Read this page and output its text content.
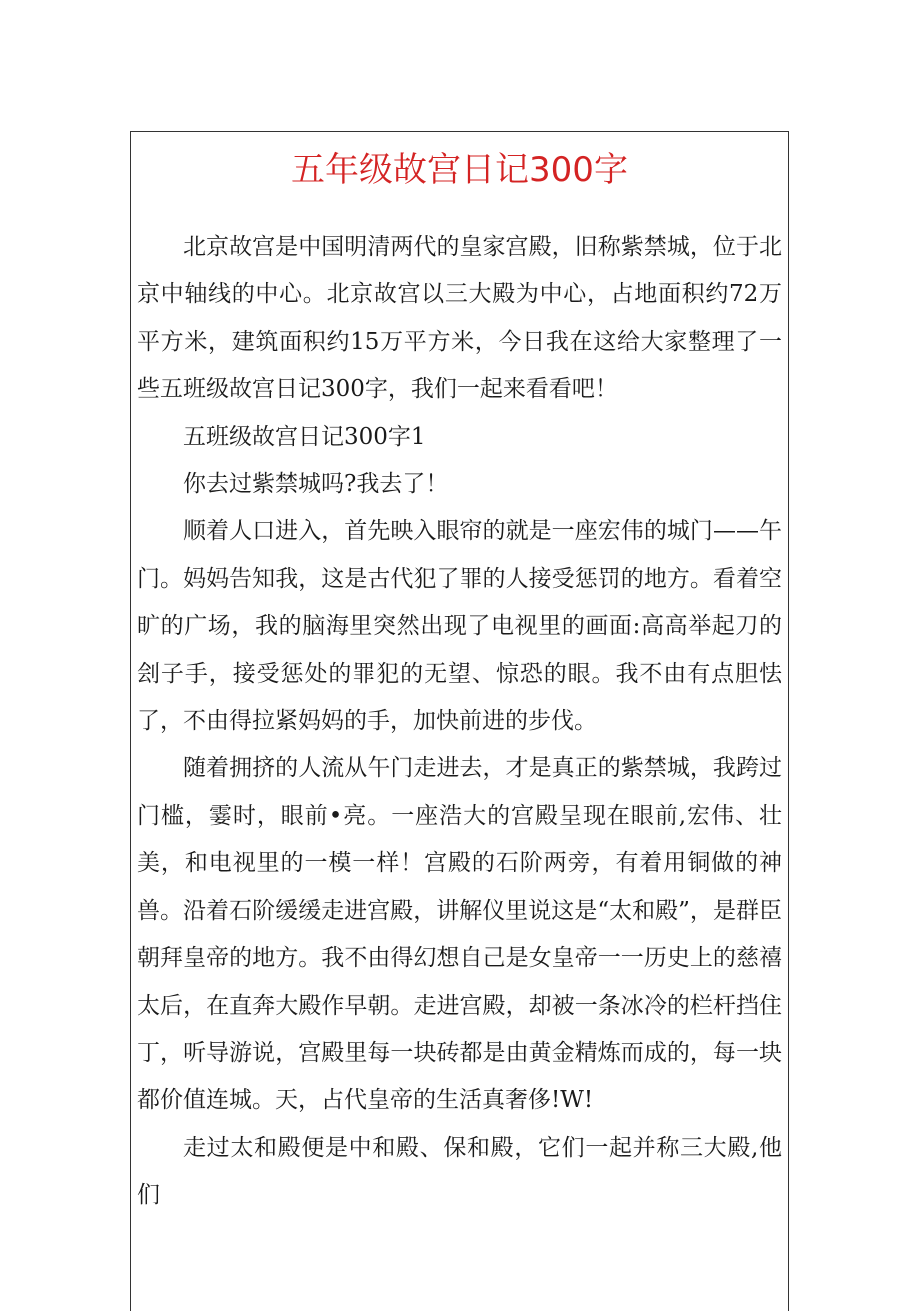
五年级故宫日记300字

北京故宫是中国明清两代的皇家宫殿，旧称紫禁城，位于北京中轴线的中心。北京故宫以三大殿为中心，占地面积约72万平方米，建筑面积约15万平方米，今日我在这给大家整理了一些五班级故宫日记300字，我们一起来看看吧！

五班级故宫日记300字1

你去过紫禁城吗?我去了！

顺着人口进入，首先映入眼帘的就是一座宏伟的城门——午门。妈妈告知我，这是古代犯了罪的人接受惩罚的地方。看着空旷的广场，我的脑海里突然出现了电视里的画面:高高举起刀的刽子手，接受惩处的罪犯的无望、惊恐的眼。我不由有点胆怯了，不由得拉紧妈妈的手，加快前进的步伐。

随着拥挤的人流从午门走进去，才是真正的紫禁城，我跨过门槛，霎时，眼前•亮。一座浩大的宫殿呈现在眼前,宏伟、壮美，和电视里的一模一样！宫殿的石阶两旁，有着用铜做的神兽。沿着石阶缓缓走进宫殿，讲解仪里说这是“太和殿”，是群臣朝拜皇帝的地方。我不由得幻想自己是女皇帝一一历史上的慈禧太后，在直奔大殿作早朝。走进宫殿，却被一条冰冷的栏杆挡住丁，听导游说，宫殿里每一块砖都是由黄金精炼而成的，每一块都价值连城。天，占代皇帝的生活真奢侈!W!

走过太和殿便是中和殿、保和殿，它们一起并称三大殿,他们
